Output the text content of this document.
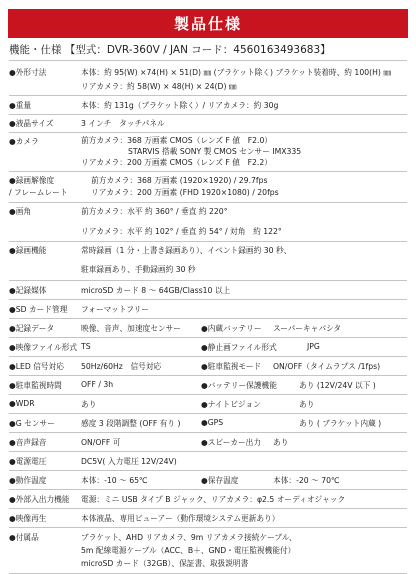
製品仕様
機能・仕様 【型式：DVR-360V / JAN コード：4560163493683】
●外形寸法	本体：約 95(W) ×74(H) × 51(D) ㎜ (ブラケット除く) ブラケット装着時、約 100(H) ㎜
リアカメラ：約 58(W) × 48(H) × 24(D) ㎜
●重量	本体：約 131g（ブラケット除く）/ リアカメラ：約 30g
●液晶サイズ	3 インチ　タッチパネル
●カメラ	前方カメラ：368 万画素 CMOS（レンズ F 値　F2.0）
STARVIS 搭載 SONY 製 CMOS センサー IMX335
リアカメラ：200 万画素 CMOS（レンズ F 値　F2.2）
●録画解像度
/ フレームレート
前方カメラ：368 万画素 (1920×1920) / 29.7fps
リアカメラ：200 万画素 (FHD 1920×1080) / 20fps
●画角	前方カメラ：水平 約 360° / 垂直 約 220°
リアカメラ：水平 約 102° / 垂直 約 54° / 対角　約 122°
●録画機能	常時録画（1 分・上書き録画あり）、イベント録画約 30 秒、
駐車録画あり、手動録画約 30 秒
●記録媒体	microSD カード 8 ～ 64GB/Class10 以上
●SD カード管理 フォーマットフリー
●記録データ	映像、音声、加速度センサー	●内蔵バッテリー スーパーキャパシタ
●映像ファイル形式 TS	●静止画ファイル形式	JPG
●LED 信号対応 50Hz/60Hz　信号対応	●駐車監視モード ON/OFF（タイムラプス /1fps)
●駐車監視時間 OFF / 3h	●バッテリー保護機能	あり (12V/24V 以下 )
●WDR	あり	●ナイトビジョン	あり
●G センサー	感度 3 段階調整 (OFF 有り )	●GPS	あり ( ブラケット内蔵 )
●音声録音	ON/OFF 可	●スピーカー出力 あり
●電源電圧	DC5V( 入力電圧 12V/24V)
●動作温度	本体：-10 ～ 65℃	●保存温度	本体：-20 ～ 70℃
●外部入出力機能 電源：ミニ USB タイプ B ジャック、リアカメラ：φ2.5 オーディオジャック
●映像再生	本体液晶、専用ビューアー（動作環境システム更新あり）
●付属品	ブラケット、AHD リアカメラ、9m リアカメラ接続ケーブル、
5m 配線電源ケーブル（ACC、B＋、GND・電圧監視機能付）
microSD カード（32GB）、保証書、取扱説明書
